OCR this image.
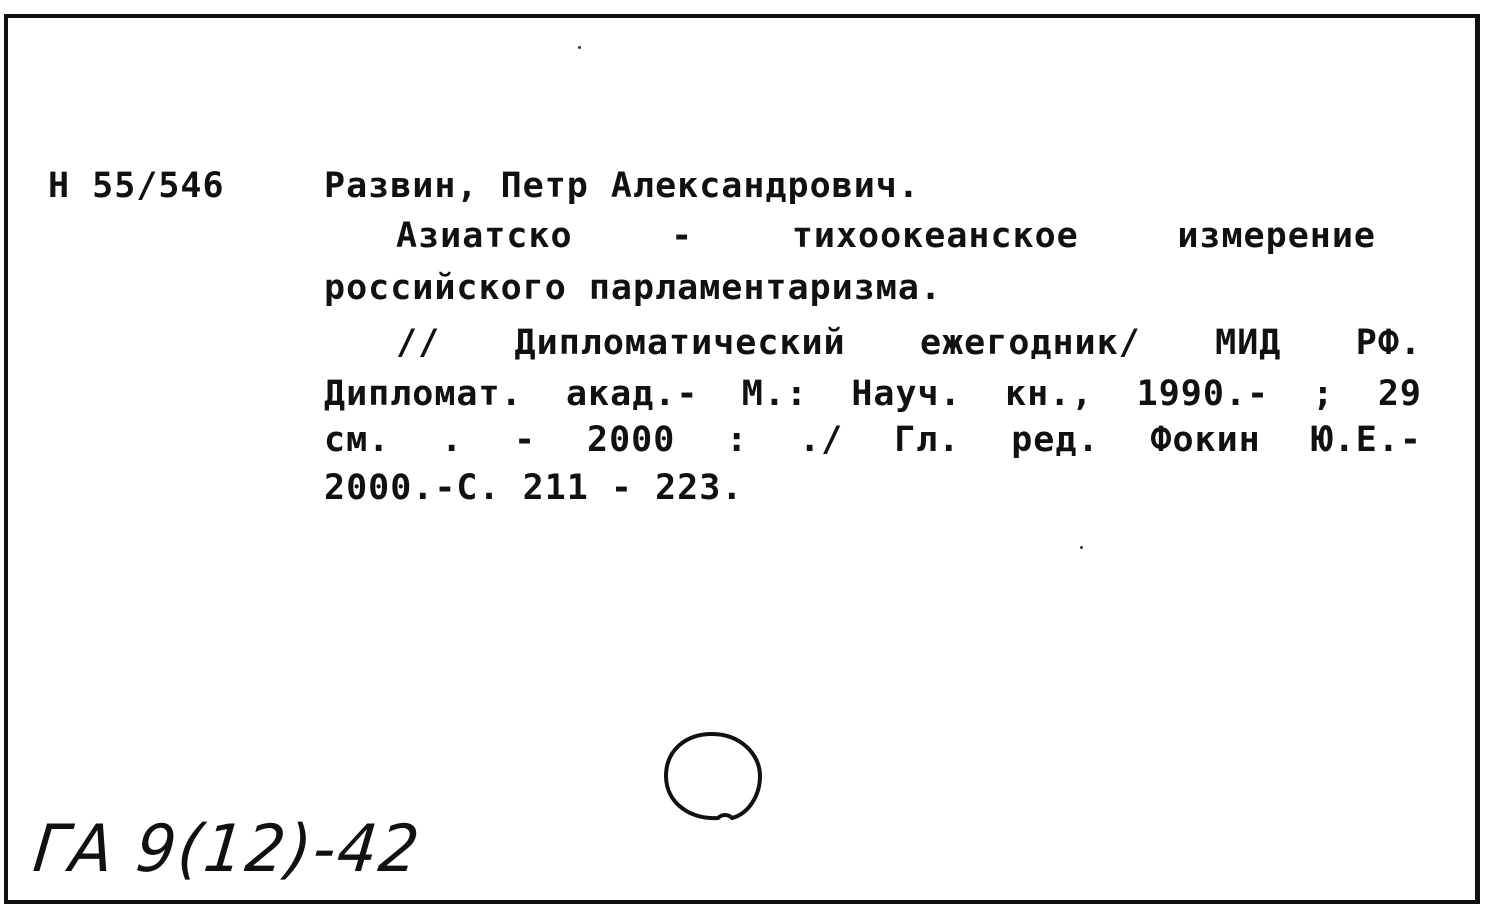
Н 55/546	Развин, Петр Александрович.
Азиатско - тихоокеанское измерение
российского парламентаризма.
// Дипломатический ежегодник/ МИД РФ.
Дипломат. акад.- М.: Науч. кн., 1990.- ; 29
см. . - 2000 : ./ Гл. ред. Фокин Ю.Е.-
2000.-С. 211 - 223.
ГА 9(12)-42
